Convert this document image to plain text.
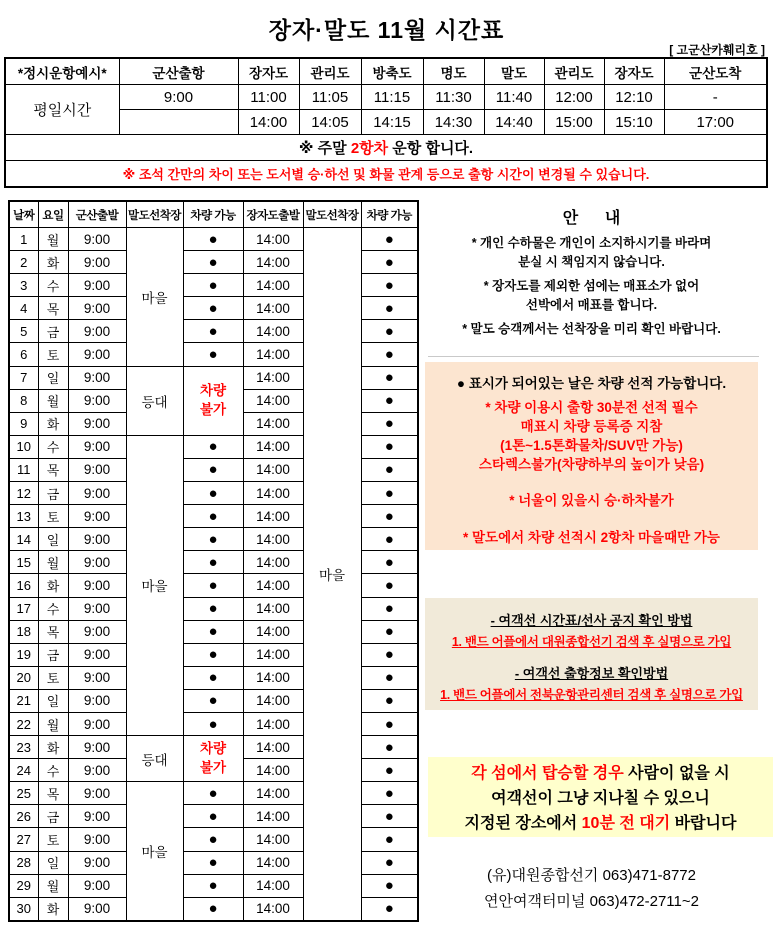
장자·말도 11월 시간표
[ 고군산카훼리호 ]
*정시운항예시*	군산출항	장자도	관리도	방축도	명도	말도	관리도	장자도	군산도착
평일시간	9:00	11:00	11:05	11:15	11:30	11:40	12:00	12:10	-
		14:00	14:05	14:15	14:30	14:40	15:00	15:10	17:00
※ 주말 2항차 운항 합니다.									
※ 조석 간만의 차이 또는 도서별 승·하선 및 화물 관계 등으로 출항 시간이 변경될 수 있습니다.									
날짜	요일	군산출발	말도선착장	차량 가능	장자도출발	말도선착장	차량 가능
1	월	9:00	마을	●	14:00	마을	●
2	화	9:00		●	14:00		●
3	수	9:00		●	14:00		●
4	목	9:00		●	14:00		●
5	금	9:00		●	14:00		●
6	토	9:00		●	14:00		●
7	일	9:00	등대	차량
불가	14:00		●
8	월	9:00			14:00		●
9	화	9:00			14:00		●
10	수	9:00	마을	●	14:00		●
11	목	9:00		●	14:00		●
12	금	9:00		●	14:00		●
13	토	9:00		●	14:00		●
14	일	9:00		●	14:00		●
15	월	9:00		●	14:00		●
16	화	9:00		●	14:00		●
17	수	9:00		●	14:00		●
18	목	9:00		●	14:00		●
19	금	9:00		●	14:00		●
20	토	9:00		●	14:00		●
21	일	9:00		●	14:00		●
22	월	9:00		●	14:00		●
23	화	9:00	등대	차량
불가	14:00		●
24	수	9:00			14:00		●
25	목	9:00	마을	●	14:00		●
26	금	9:00		●	14:00		●
27	토	9:00		●	14:00		●
28	일	9:00		●	14:00		●
29	월	9:00		●	14:00		●
30	화	9:00		●	14:00		●
안      내
* 개인 수하물은 개인이 소지하시기를 바라며
분실 시 책임지지 않습니다.
* 장자도를 제외한 섬에는 매표소가 없어
선박에서 매표를 합니다.
* 말도 승객께서는 선착장을 미리 확인 바랍니다.
● 표시가 되어있는 날은 차량 선적 가능합니다.
* 차량 이용시 출항 30분전 선적 필수
매표시 차량 등록증 지참
(1톤~1.5톤화물차/SUV만 가능)
스타렉스불가(차량하부의 높이가 낮음)
* 너울이 있을시 승·하차불가
* 말도에서 차량 선적시 2항차 마을때만 가능
- 여객선 시간표/선사 공지 확인 방법
1. 밴드 어플에서 대원종합선기 검색 후 실명으로 가입
- 여객선 출항정보 확인방법
1. 밴드 어플에서 전북운항관리센터 검색 후 실명으로 가입
각 섬에서 탑승할 경우 사람이 없을 시
여객선이 그냥 지나칠 수 있으니
지정된 장소에서 10분 전 대기 바랍니다
(유)대원종합선기 063)471-8772
연안여객터미널 063)472-2711~2
